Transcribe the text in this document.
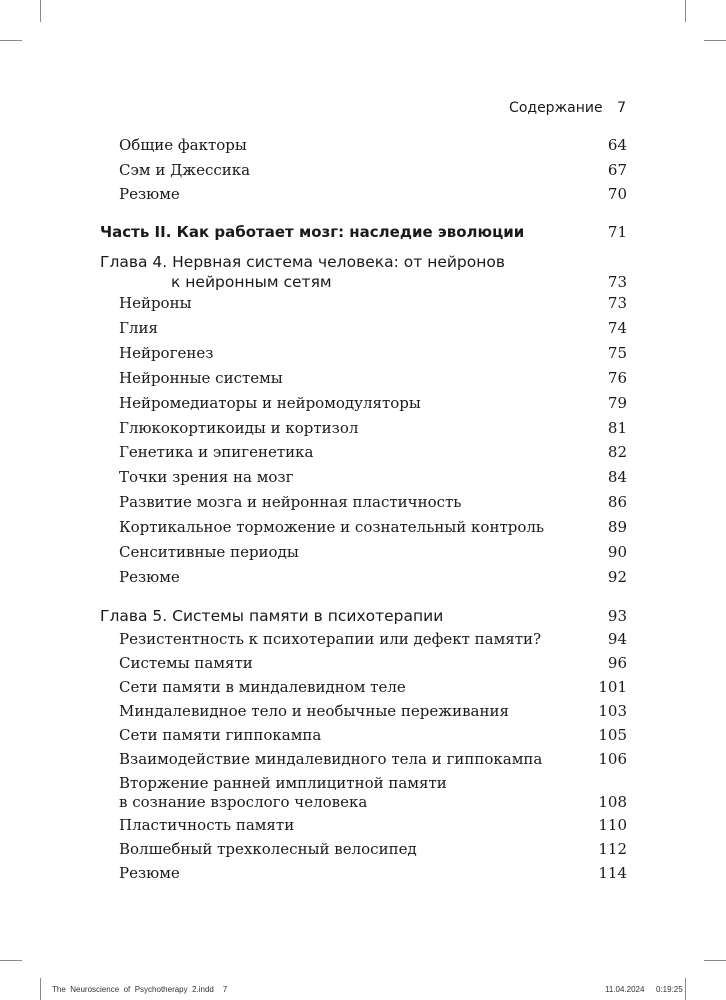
Содержание 7
Общие факторы	64
Сэм и Джессика	67
Резюме	70
Часть II. Как работает мозг: наследие эволюции	71
Глава 4. Нервная система человека: от нейронов
к нейронным сетям	73
Нейроны	73
Глия	74
Нейрогенез	75
Нейронные системы	76
Нейромедиаторы и нейромодуляторы	79
Глюкокортикоиды и кортизол	81
Генетика и эпигенетика	82
Точки зрения на мозг	84
Развитие мозга и нейронная пластичность	86
Кортикальное торможение и сознательный контроль	89
Сенситивные периоды	90
Резюме	92
Глава 5. Системы памяти в психотерапии	93
Резистентность к психотерапии или дефект памяти?	94
Системы памяти	96
Сети памяти в миндалевидном теле	101
Миндалевидное тело и необычные переживания	103
Сети памяти гиппокампа	105
Взаимодействие миндалевидного тела и гиппокампа	106
Вторжение ранней имплицитной памяти
в сознание взрослого человека	108
Пластичность памяти	110
Волшебный трехколесный велосипед	112
Резюме	114
The  Neuroscience  of  Psychotherapy  2.indd    7	11.04.2024 0:19:25
